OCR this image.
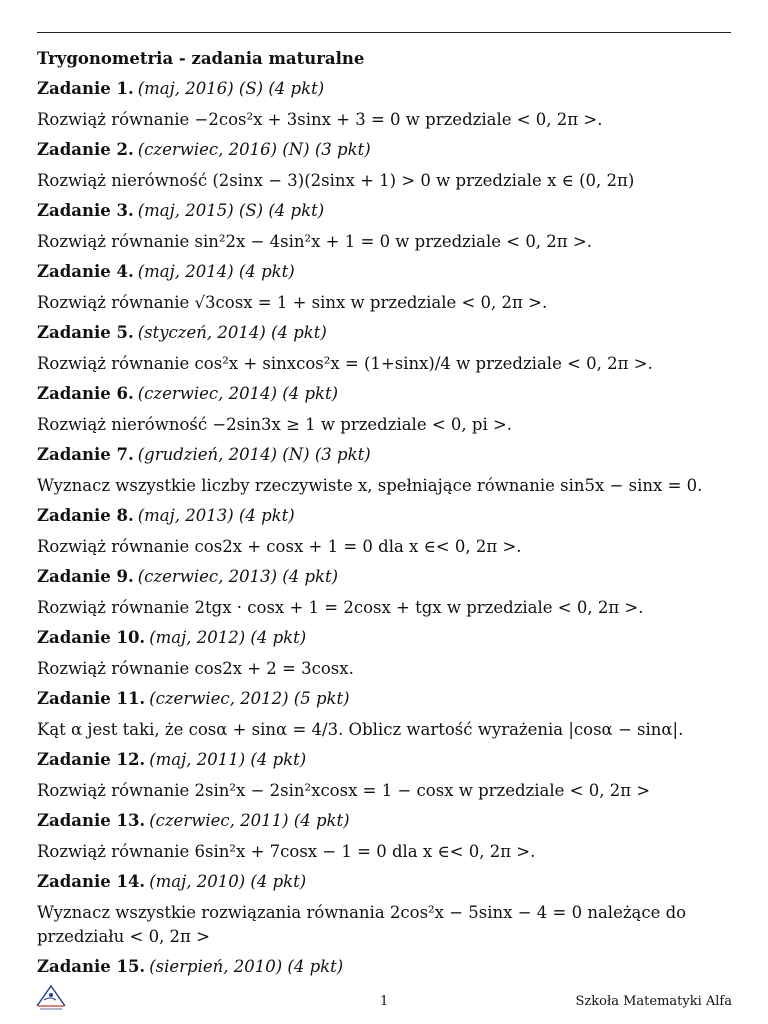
Trygonometria - zadania maturalne
Zadanie 1. (maj, 2016) (S) (4 pkt)
Rozwiąż równanie −2cos²x + 3sinx + 3 = 0 w przedziale < 0, 2π >.
Zadanie 2. (czerwiec, 2016) (N) (3 pkt)
Rozwiąż nierówność (2sinx − 3)(2sinx + 1) > 0 w przedziale x ∈ (0, 2π)
Zadanie 3. (maj, 2015) (S) (4 pkt)
Rozwiąż równanie sin²2x − 4sin²x + 1 = 0 w przedziale < 0, 2π >.
Zadanie 4. (maj, 2014) (4 pkt)
Rozwiąż równanie √3cosx = 1 + sinx w przedziale < 0, 2π >.
Zadanie 5. (styczeń, 2014) (4 pkt)
Rozwiąż równanie cos²x + sinxcos²x = (1+sinx)/4 w przedziale < 0, 2π >.
Zadanie 6. (czerwiec, 2014) (4 pkt)
Rozwiąż nierówność −2sin3x ≥ 1 w przedziale < 0, pi >.
Zadanie 7. (grudzień, 2014) (N) (3 pkt)
Wyznacz wszystkie liczby rzeczywiste x, spełniające równanie sin5x − sinx = 0.
Zadanie 8. (maj, 2013) (4 pkt)
Rozwiąż równanie cos2x + cosx + 1 = 0 dla x ∈< 0, 2π >.
Zadanie 9. (czerwiec, 2013) (4 pkt)
Rozwiąż równanie 2tgx · cosx + 1 = 2cosx + tgx w przedziale < 0, 2π >.
Zadanie 10. (maj, 2012) (4 pkt)
Rozwiąż równanie cos2x + 2 = 3cosx.
Zadanie 11. (czerwiec, 2012) (5 pkt)
Kąt α jest taki, że cosα + sinα = 4/3. Oblicz wartość wyrażenia |cosα − sinα|.
Zadanie 12. (maj, 2011) (4 pkt)
Rozwiąż równanie 2sin²x − 2sin²xcosx = 1 − cosx w przedziale < 0, 2π >
Zadanie 13. (czerwiec, 2011) (4 pkt)
Rozwiąż równanie 6sin²x + 7cosx − 1 = 0 dla x ∈< 0, 2π >.
Zadanie 14. (maj, 2010) (4 pkt)
Wyznacz wszystkie rozwiązania równania 2cos²x − 5sinx − 4 = 0 należące do przedziału < 0, 2π >
Zadanie 15. (sierpień, 2010) (4 pkt)
1	Szkoła Matematyki Alfa
